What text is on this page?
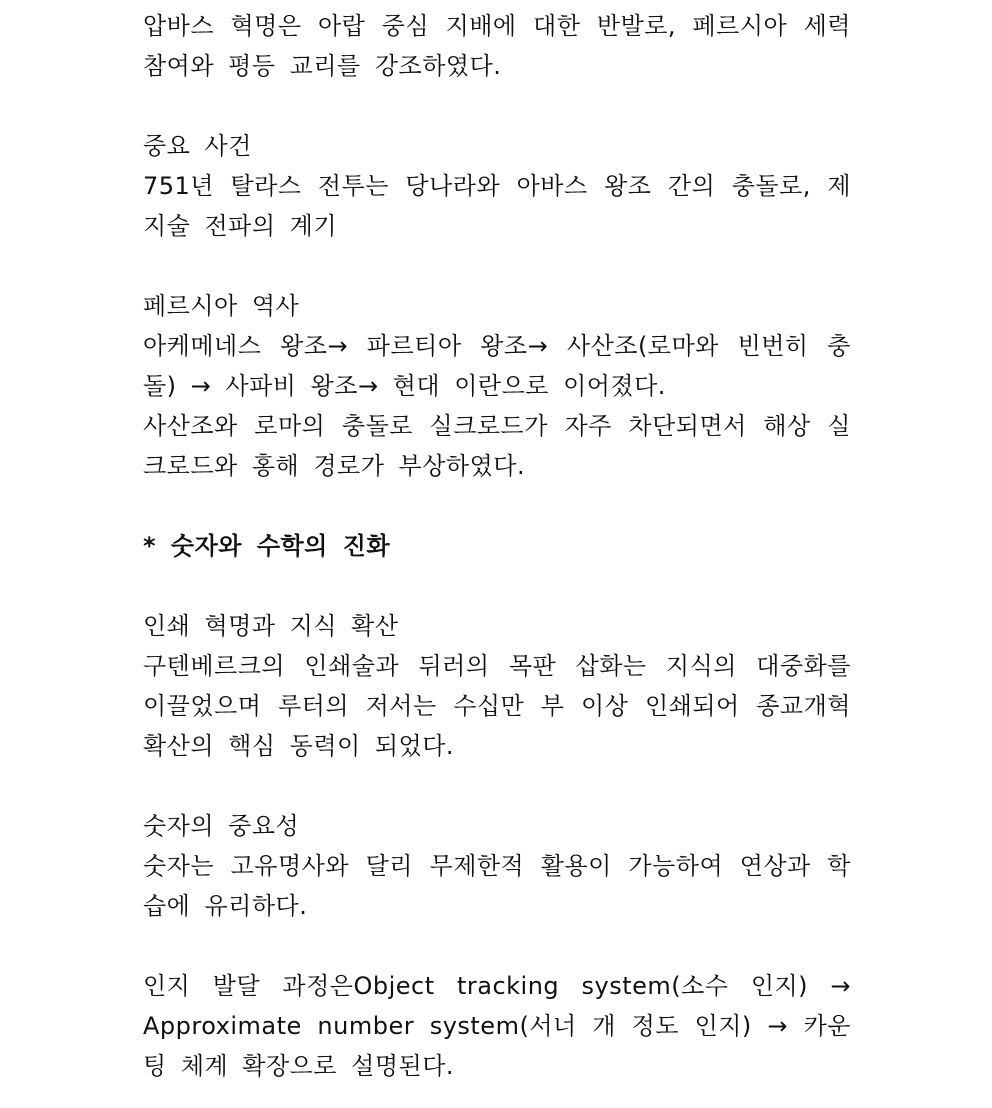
압바스 혁명은 아랍 중심 지배에 대한 반발로, 페르시아 세력 참여와 평등 교리를 강조하였다.

중요 사건

751년 탈라스 전투는 당나라와 아바스 왕조 간의 충돌로, 제지술 전파의 계기

페르시아 역사

아케메네스 왕조→ 파르티아 왕조→ 사산조(로마와 빈번히 충돌) → 사파비 왕조→ 현대 이란으로 이어졌다.

사산조와 로마의 충돌로 실크로드가 자주 차단되면서 해상 실크로드와 홍해 경로가 부상하였다.

* 숫자와 수학의 진화

인쇄 혁명과 지식 확산

구텐베르크의 인쇄술과 뒤러의 목판 삽화는 지식의 대중화를 이끌었으며 루터의 저서는 수십만 부 이상 인쇄되어 종교개혁 확산의 핵심 동력이 되었다.

숫자의 중요성

숫자는 고유명사와 달리 무제한적 활용이 가능하여 연상과 학습에 유리하다.

인지 발달 과정은Object tracking system(소수 인지) → Approximate number system(서너 개 정도 인지) → 카운팅 체계 확장으로 설명된다.
